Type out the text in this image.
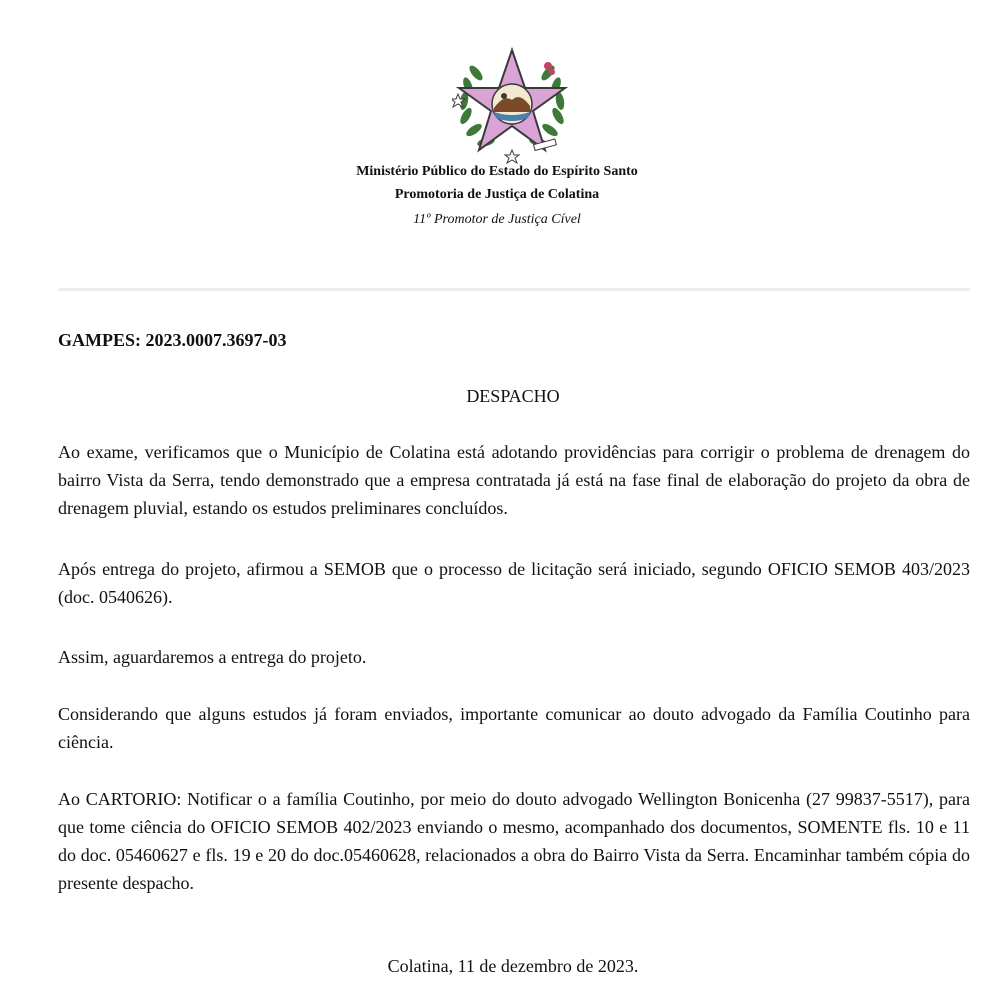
Ministério Público do Estado do Espírito Santo
Promotoria de Justiça de Colatina
11º Promotor de Justiça Cível
GAMPES: 2023.0007.3697-03
DESPACHO

Ao exame, verificamos que o Município de Colatina está adotando providências para corrigir o problema de drenagem do bairro Vista da Serra, tendo demonstrado que a empresa contratada já está na fase final de elaboração do projeto da obra de drenagem pluvial, estando os estudos preliminares concluídos.

Após entrega do projeto, afirmou a SEMOB que o processo de licitação será iniciado, segundo OFICIO SEMOB 403/2023 (doc. 0540626).

Assim, aguardaremos a entrega do projeto.

Considerando que alguns estudos já foram enviados, importante comunicar ao douto advogado da Família Coutinho para ciência.

Ao CARTORIO: Notificar o a família Coutinho, por meio do douto advogado Wellington Bonicenha (27 99837-5517), para que tome ciência do OFICIO SEMOB 402/2023 enviando o mesmo, acompanhado dos documentos, SOMENTE fls. 10 e 11 do doc. 05460627 e fls. 19 e 20 do doc.05460628, relacionados a obra do Bairro Vista da Serra. Encaminhar também cópia do presente despacho.

Colatina, 11 de dezembro de 2023.
